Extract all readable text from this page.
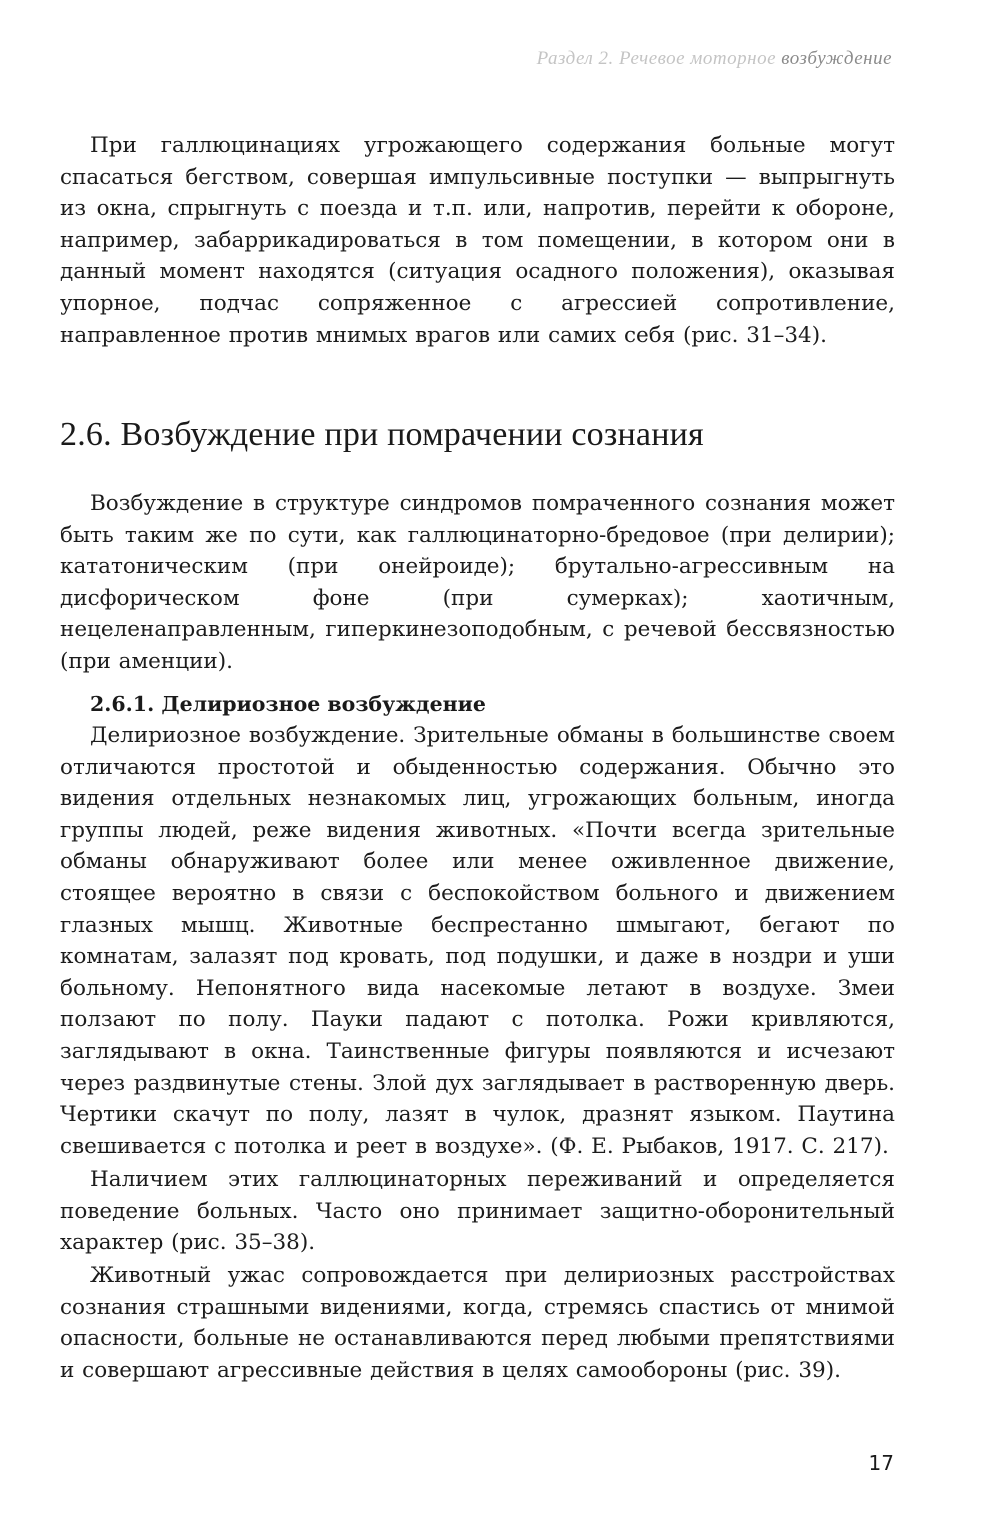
Раздел 2. Речевое моторное возбуждение

При галлюцинациях угрожающего содержания больные могут спасаться бегством, совершая импульсивные поступки — выпрыгнуть из окна, спрыгнуть с поезда и т.п. или, напротив, перейти к обороне, например, забаррикадироваться в том помещении, в котором они в данный момент находятся (ситуация осадного положения), оказывая упорное, подчас сопряженное с агрессией сопротивление, направленное против мнимых врагов или самих себя (рис. 31–34).

2.6. Возбуждение при помрачении сознания

Возбуждение в структуре синдромов помраченного сознания может быть таким же по сути, как галлюцинаторно-бредовое (при делирии); кататоническим (при онейроиде); брутально-агрессивным на дисфорическом фоне (при сумерках); хаотичным, нецеленаправленным, гиперкинезоподобным, с речевой бессвязностью (при аменции).

2.6.1. Делириозное возбуждение

Делириозное возбуждение. Зрительные обманы в большинстве своем отличаются простотой и обыденностью содержания. Обычно это видения отдельных незнакомых лиц, угрожающих больным, иногда группы людей, реже видения животных. «Почти всегда зрительные обманы обнаруживают более или менее оживленное движение, стоящее вероятно в связи с беспокойством больного и движением глазных мышц. Животные беспрестанно шмыгают, бегают по комнатам, залазят под кровать, под подушки, и даже в ноздри и уши больному. Непонятного вида насекомые летают в воздухе. Змеи ползают по полу. Пауки падают с потолка. Рожи кривляются, заглядывают в окна. Таинственные фигуры появляются и исчезают через раздвинутые стены. Злой дух заглядывает в растворенную дверь. Чертики скачут по полу, лазят в чулок, дразнят языком. Паутина свешивается с потолка и реет в воздухе». (Ф. Е. Рыбаков, 1917. С. 217).

Наличием этих галлюцинаторных переживаний и определяется поведение больных. Часто оно принимает защитно-оборонительный характер (рис. 35–38).

Животный ужас сопровождается при делириозных расстройствах сознания страшными видениями, когда, стремясь спастись от мнимой опасности, больные не останавливаются перед любыми препятствиями и совершают агрессивные действия в целях самообороны (рис. 39).

17
